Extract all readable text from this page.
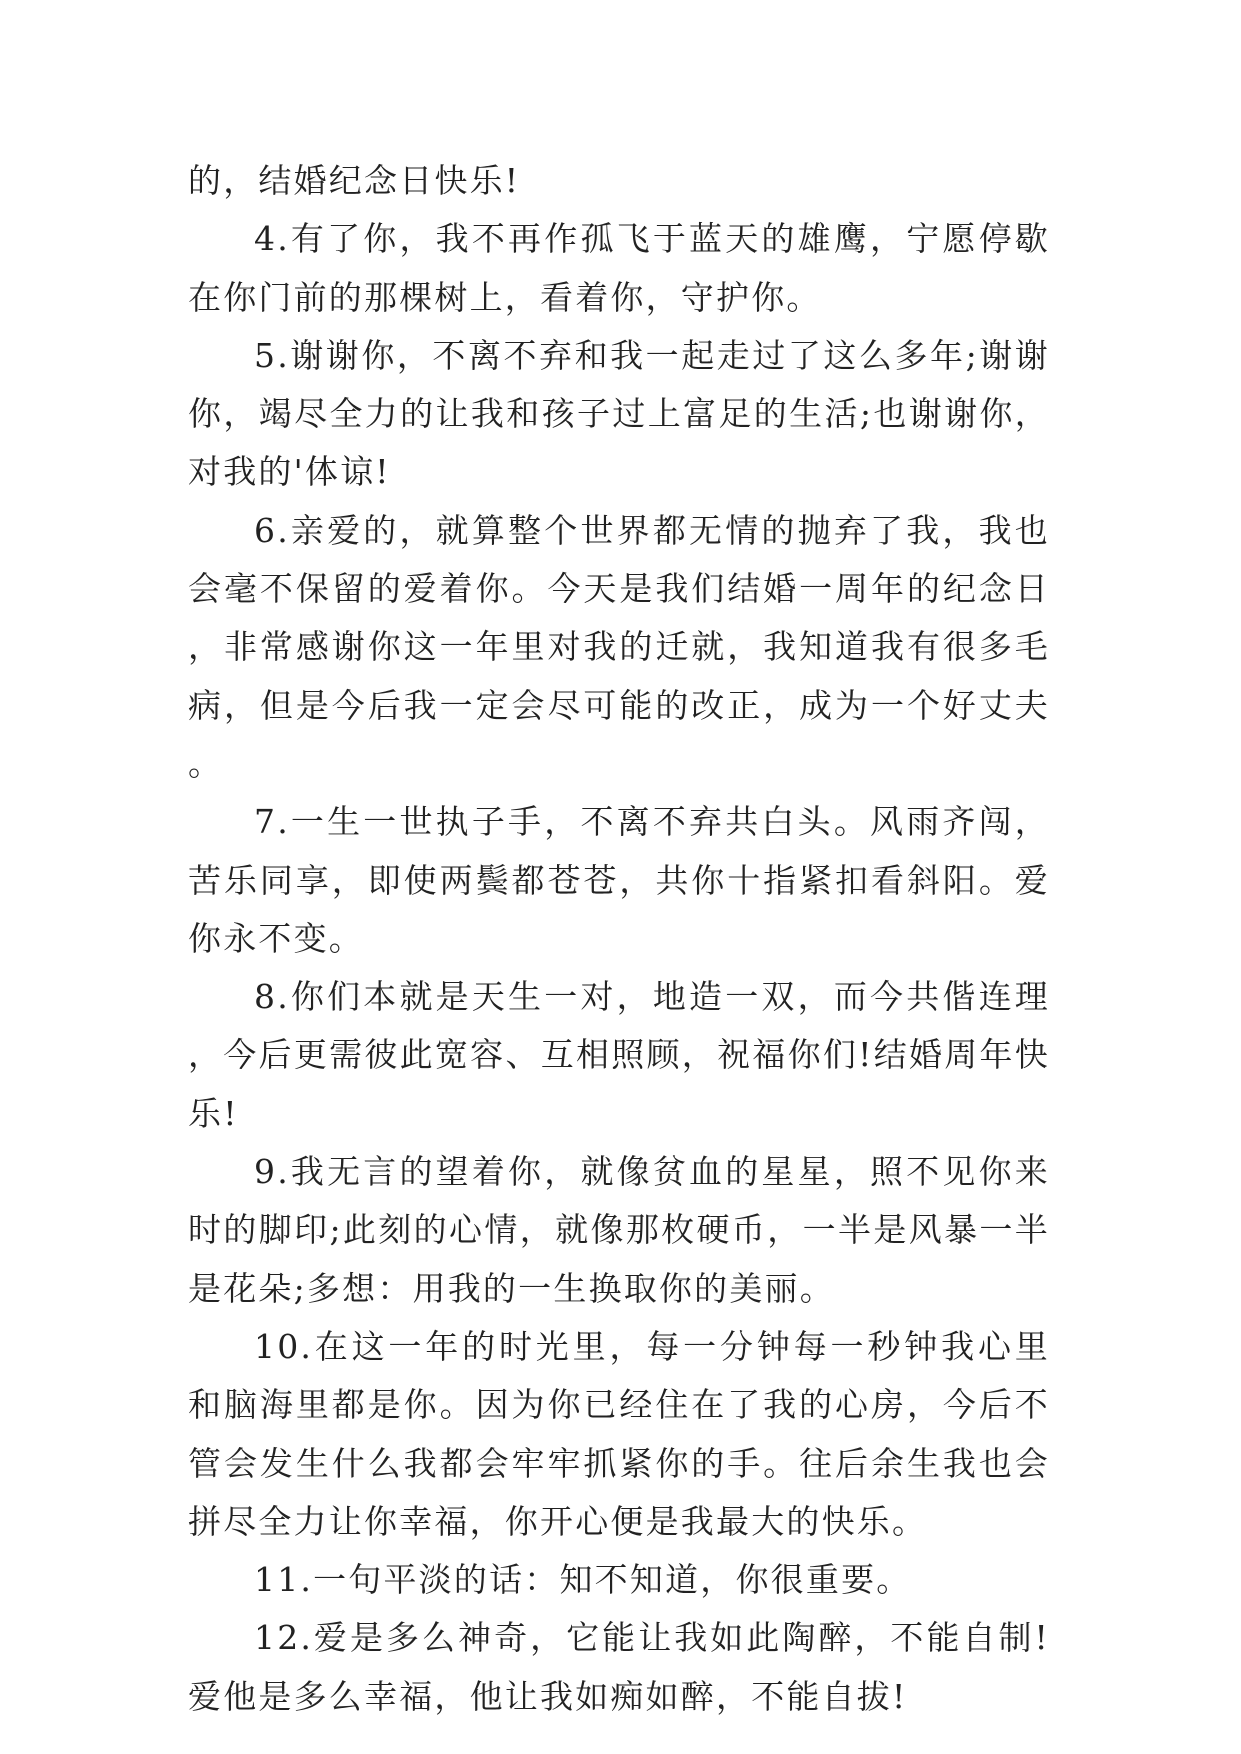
的，结婚纪念日快乐!

4.有了你，我不再作孤飞于蓝天的雄鹰，宁愿停歇在你门前的那棵树上，看着你，守护你。

5.谢谢你，不离不弃和我一起走过了这么多年;谢谢你，竭尽全力的让我和孩子过上富足的生活;也谢谢你，对我的'体谅!

6.亲爱的，就算整个世界都无情的抛弃了我，我也会毫不保留的爱着你。今天是我们结婚一周年的纪念日，非常感谢你这一年里对我的迁就，我知道我有很多毛病，但是今后我一定会尽可能的改正，成为一个好丈夫。

7.一生一世执子手，不离不弃共白头。风雨齐闯，苦乐同享，即使两鬓都苍苍，共你十指紧扣看斜阳。爱你永不变。

8.你们本就是天生一对，地造一双，而今共偕连理，今后更需彼此宽容、互相照顾，祝福你们!结婚周年快乐!

9.我无言的望着你，就像贫血的星星，照不见你来时的脚印;此刻的心情，就像那枚硬币，一半是风暴一半是花朵;多想：用我的一生换取你的美丽。

10.在这一年的时光里，每一分钟每一秒钟我心里和脑海里都是你。因为你已经住在了我的心房，今后不管会发生什么我都会牢牢抓紧你的手。往后余生我也会拼尽全力让你幸福，你开心便是我最大的快乐。

11.一句平淡的话：知不知道，你很重要。

12.爱是多么神奇，它能让我如此陶醉，不能自制!爱他是多么幸福，他让我如痴如醉，不能自拔!
